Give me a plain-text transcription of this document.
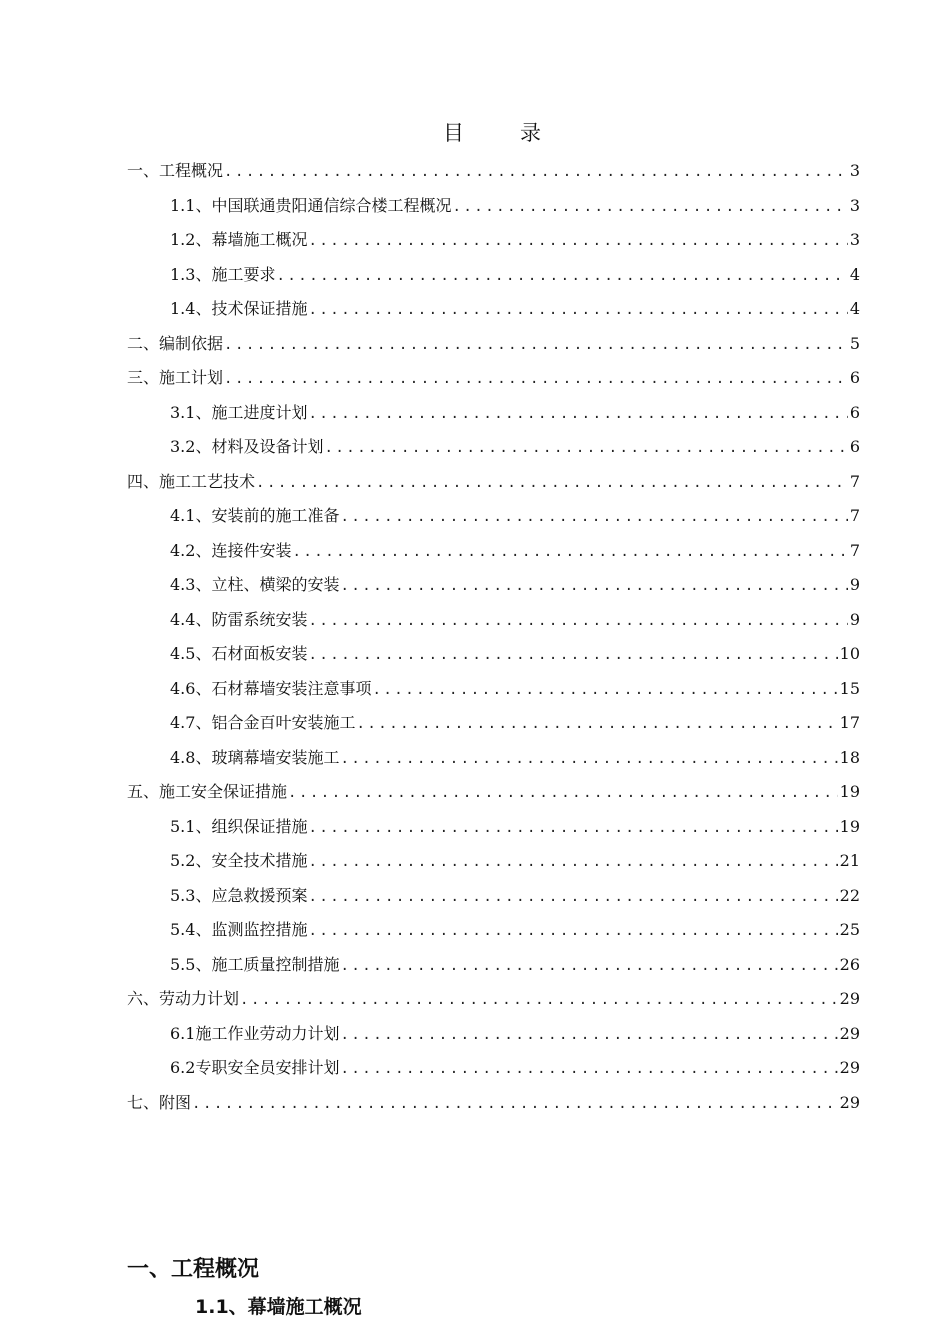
目	录
一、工程概况 .....	3
1.1、中国联通贵阳通信综合楼工程概况 .....	3
1.2、幕墙施工概况 .....	3
1.3、施工要求 .....	4
1.4、技术保证措施 .....	4
二、编制依据 .....	5
三、施工计划 .....	6
3.1、施工进度计划 .....	6
3.2、材料及设备计划 .....	6
四、施工工艺技术 .....	7
4.1、安装前的施工准备 .....	7
4.2、连接件安装 .....	7
4.3、立柱、横梁的安装 .....	9
4.4、防雷系统安装 .....	9
4.5、石材面板安装 .....	10
4.6、石材幕墙安装注意事项 .....	15
4.7、铝合金百叶安装施工 .....	17
4.8、玻璃幕墙安装施工 .....	18
五、施工安全保证措施 .....	19
5.1、组织保证措施 .....	19
5.2、安全技术措施 .....	21
5.3、应急救援预案 .....	22
5.4、监测监控措施 .....	25
5.5、施工质量控制措施 .....	26
六、劳动力计划 .....	29
6.1施工作业劳动力计划 .....	29
6.2专职安全员安排计划 .....	29
七、附图 .....	29
一、工程概况
1.1、幕墙施工概况
